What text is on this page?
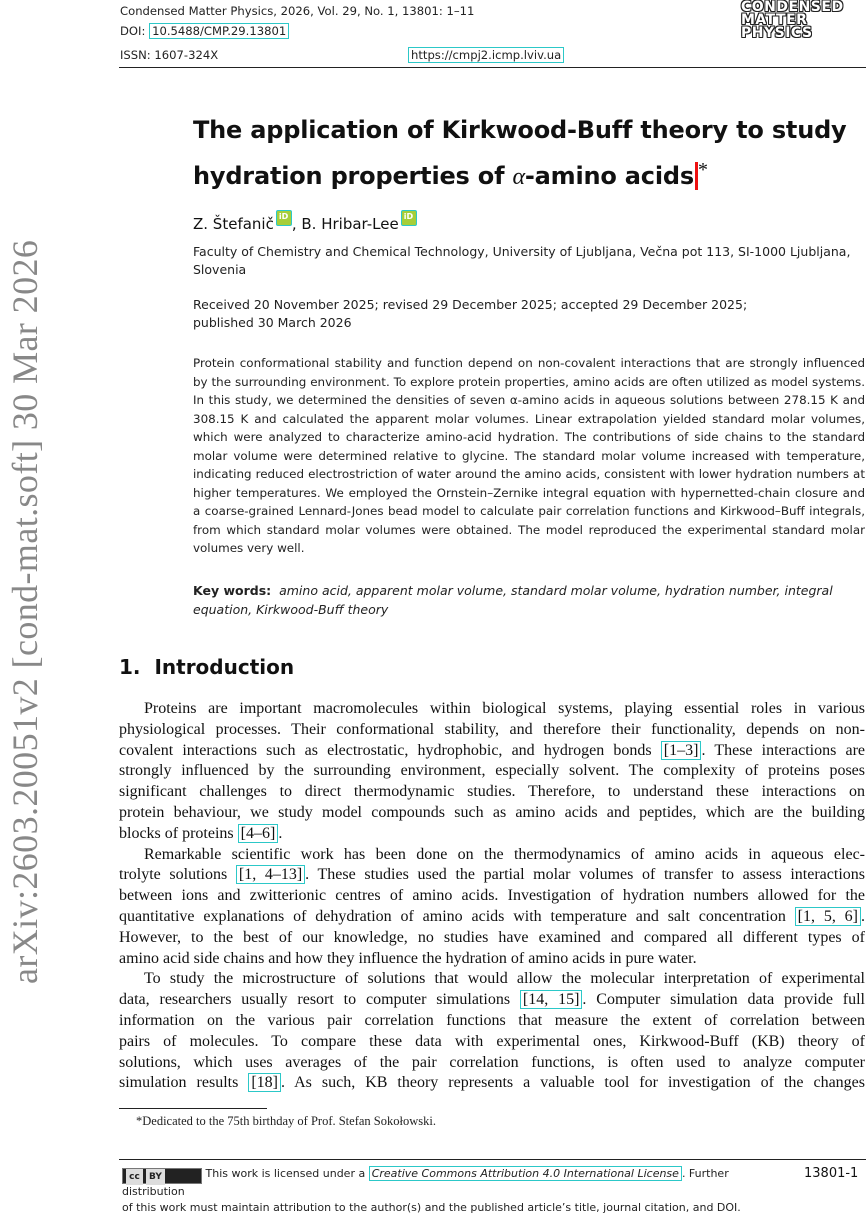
Condensed Matter Physics, 2026, Vol. 29, No. 1, 13801: 1–11
DOI: 10.5488/CMP.29.13801
ISSN: 1607-324X	https://cmpj2.icmp.lviv.ua
CONDENSED
MATTER
PHYSICS
arXiv:2603.20051v2 [cond-mat.soft] 30 Mar 2026
The application of Kirkwood-Buff theory to study
hydration properties of α-amino acids *
Z. ŠtefaničiD , B. Hribar-LeeiD
Faculty of Chemistry and Chemical Technology, University of Ljubljana, Večna pot 113, SI-1000 Ljubljana,
Slovenia
Received 20 November 2025; revised 29 December 2025; accepted 29 December 2025;
published 30 March 2026
Protein conformational stability and function depend on non-covalent interactions that are strongly influenced
by the surrounding environment. To explore protein properties, amino acids are often utilized as model systems.
In this study, we determined the densities of seven α-amino acids in aqueous solutions between 278.15 K and
308.15 K and calculated the apparent molar volumes. Linear extrapolation yielded standard molar volumes,
which were analyzed to characterize amino-acid hydration. The contributions of side chains to the standard
molar volume were determined relative to glycine. The standard molar volume increased with temperature,
indicating reduced electrostriction of water around the amino acids, consistent with lower hydration numbers at
higher temperatures. We employed the Ornstein–Zernike integral equation with hypernetted-chain closure and
a coarse-grained Lennard-Jones bead model to calculate pair correlation functions and Kirkwood–Buff integrals,
from which standard molar volumes were obtained. The model reproduced the experimental standard molar
volumes very well.
Key words: amino acid, apparent molar volume, standard molar volume, hydration number, integral
equation, Kirkwood-Buff theory
1. Introduction
Proteins are important macromolecules within biological systems, playing essential roles in various
physiological processes. Their conformational stability, and therefore their functionality, depends on non-
covalent interactions such as electrostatic, hydrophobic, and hydrogen bonds [1–3] . These interactions are
strongly influenced by the surrounding environment, especially solvent. The complexity of proteins poses
significant challenges to direct thermodynamic studies. Therefore, to understand these interactions on
protein behaviour, we study model compounds such as amino acids and peptides, which are the building
blocks of proteins [4–6] .
Remarkable scientific work has been done on the thermodynamics of amino acids in aqueous elec-
trolyte solutions [1, 4–13] . These studies used the partial molar volumes of transfer to assess interactions
between ions and zwitterionic centres of amino acids. Investigation of hydration numbers allowed for the
quantitative explanations of dehydration of amino acids with temperature and salt concentration [1, 5, 6] .
However, to the best of our knowledge, no studies have examined and compared all different types of
amino acid side chains and how they influence the hydration of amino acids in pure water.
To study the microstructure of solutions that would allow the molecular interpretation of experimental
data, researchers usually resort to computer simulations [14, 15] . Computer simulation data provide full
information on the various pair correlation functions that measure the extent of correlation between
pairs of molecules. To compare these data with experimental ones, Kirkwood-Buff (KB) theory of
solutions, which uses averages of the pair correlation functions, is often used to analyze computer
simulation results [18] . As such, KB theory represents a valuable tool for investigation of the changes
*Dedicated to the 75th birthday of Prof. Stefan Sokołowski.
cc BY	This work is licensed under a Creative Commons Attribution 4.0 International License . Further distribution
of this work must maintain attribution to the author(s) and the published article’s title, journal citation, and DOI.
13801-1
